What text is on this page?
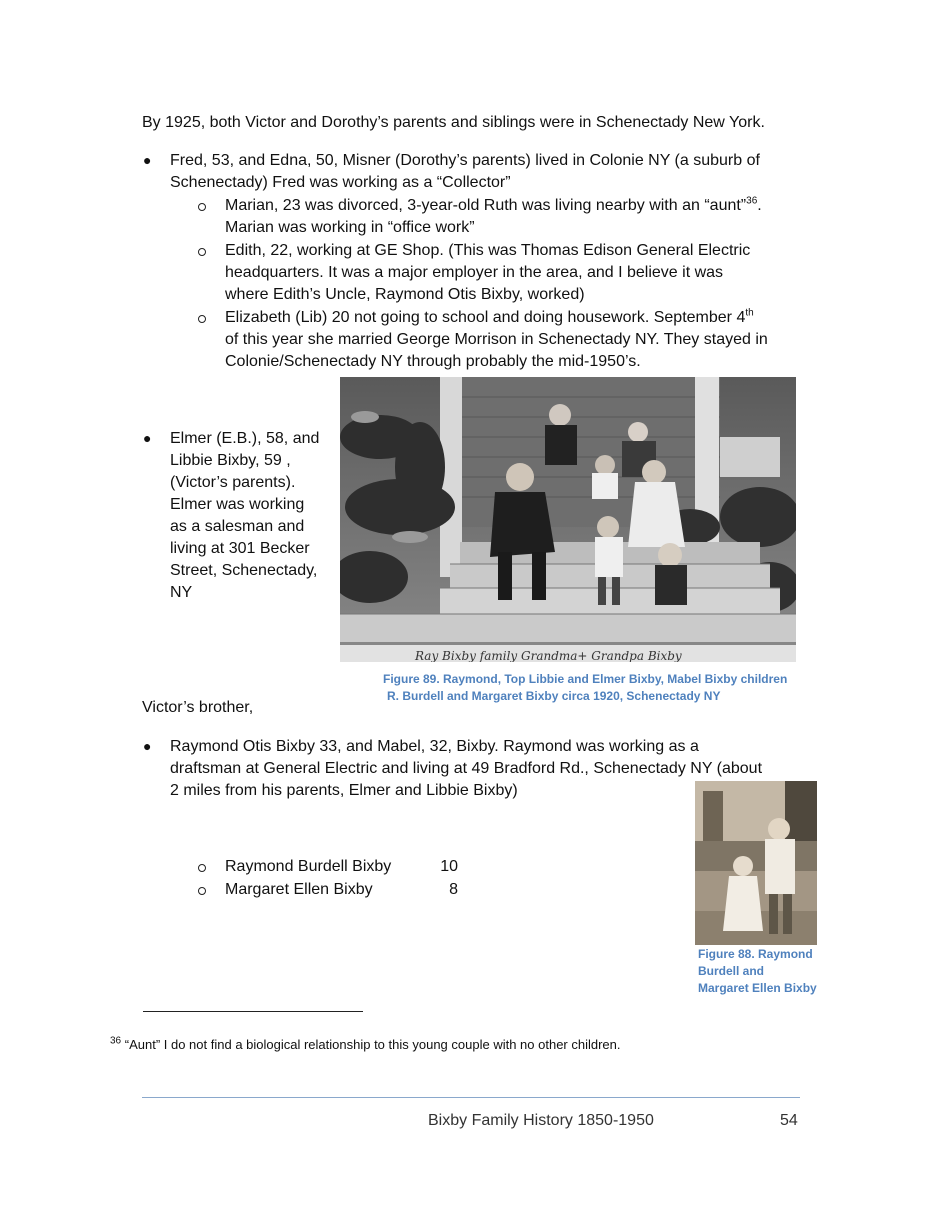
By 1925, both Victor and Dorothy’s parents and siblings were in Schenectady New York.
● Fred, 53, and Edna, 50, Misner (Dorothy’s parents) lived in Colonie NY (a suburb of
Schenectady) Fred was working as a “Collector”
Marian, 23 was divorced, 3-year-old Ruth was living nearby with an “aunt”$^{36}$.
Marian was working in “office work”
Edith, 22, working at GE Shop. (This was Thomas Edison General Electric
headquarters. It was a major employer in the area, and I believe it was
where Edith’s Uncle, Raymond Otis Bixby, worked)
Elizabeth (Lib) 20 not going to school and doing housework. September 4th
of this year she married George Morrison in Schenectady NY. They stayed in
Colonie/Schenectady NY through probably the mid-1950’s.
● Elmer (E.B.), 58, and
Libbie Bixby, 59 ,
(Victor’s parents).
Elmer was working
as a salesman and
living at 301 Becker
Street, Schenectady,
NY
Ray Bixby family Grandma+ Grandpa Bixby
Figure 89. Raymond, Top Libbie and Elmer Bixby, Mabel Bixby children
R. Burdell and Margaret Bixby circa 1920, Schenectady NY
Victor’s brother,
● Raymond Otis Bixby 33, and Mabel, 32, Bixby. Raymond was working as a
draftsman at General Electric and living at 49 Bradford Rd., Schenectady NY (about
2 miles from his parents, Elmer and Libbie Bixby)
Raymond Burdell Bixby	10
Margaret Ellen Bixby	8
Figure 88. Raymond
Burdell and
Margaret Ellen Bixby
$^{36}$ “Aunt” I do not find a biological relationship to this young couple with no other children.
Bixby Family History 1850-1950	54
